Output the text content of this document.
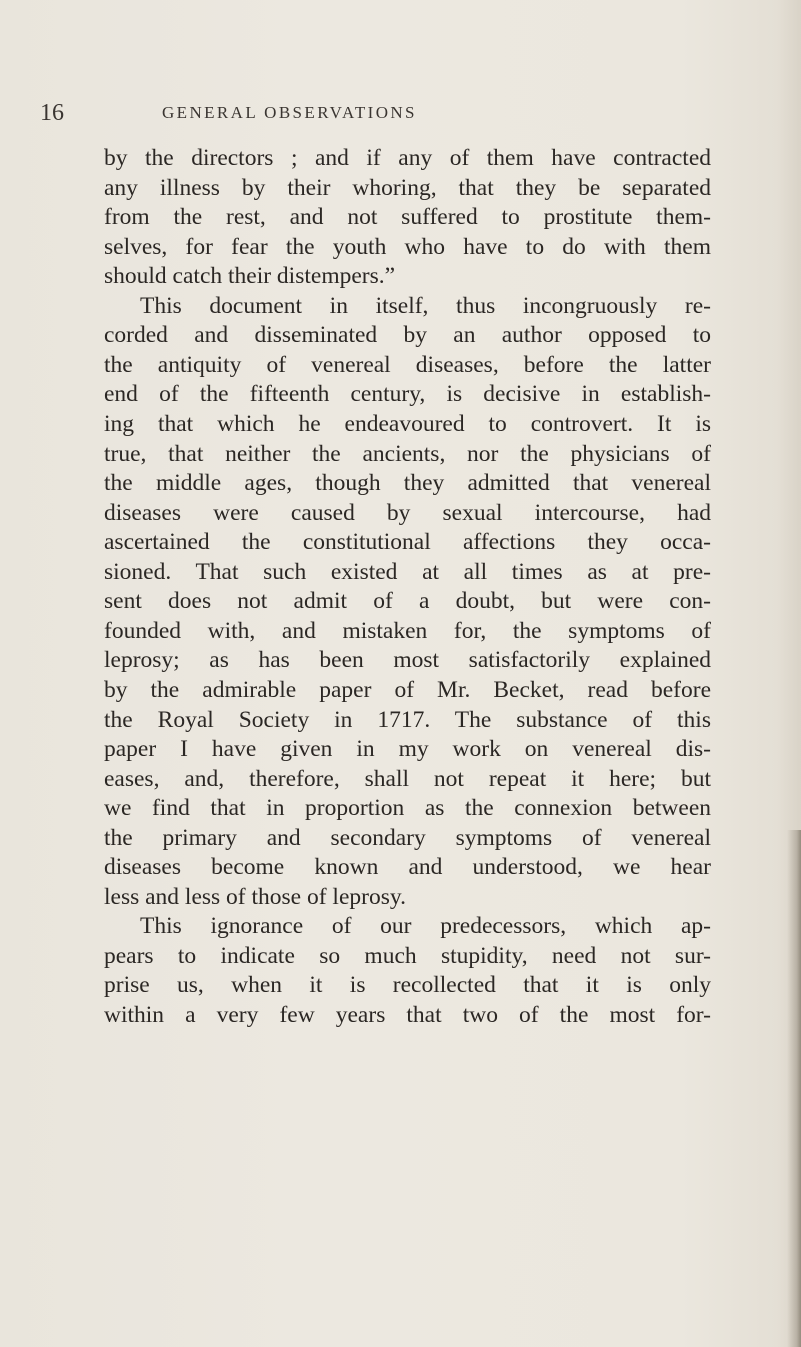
16	GENERAL OBSERVATIONS
by the directors ; and if any of them have contracted
any illness by their whoring, that they be separated
from the rest, and not suffered to prostitute them-
selves, for fear the youth who have to do with them
should catch their distempers.”
This document in itself, thus incongruously re-
corded and disseminated by an author opposed to
the antiquity of venereal diseases, before the latter
end of the fifteenth century, is decisive in establish-
ing that which he endeavoured to controvert. It is
true, that neither the ancients, nor the physicians of
the middle ages, though they admitted that venereal
diseases were caused by sexual intercourse, had
ascertained the constitutional affections they occa-
sioned. That such existed at all times as at pre-
sent does not admit of a doubt, but were con-
founded with, and mistaken for, the symptoms of
leprosy; as has been most satisfactorily explained
by the admirable paper of Mr. Becket, read before
the Royal Society in 1717. The substance of this
paper I have given in my work on venereal dis-
eases, and, therefore, shall not repeat it here; but
we find that in proportion as the connexion between
the primary and secondary symptoms of venereal
diseases become known and understood, we hear
less and less of those of leprosy.
This ignorance of our predecessors, which ap-
pears to indicate so much stupidity, need not sur-
prise us, when it is recollected that it is only
within a very few years that two of the most for-
